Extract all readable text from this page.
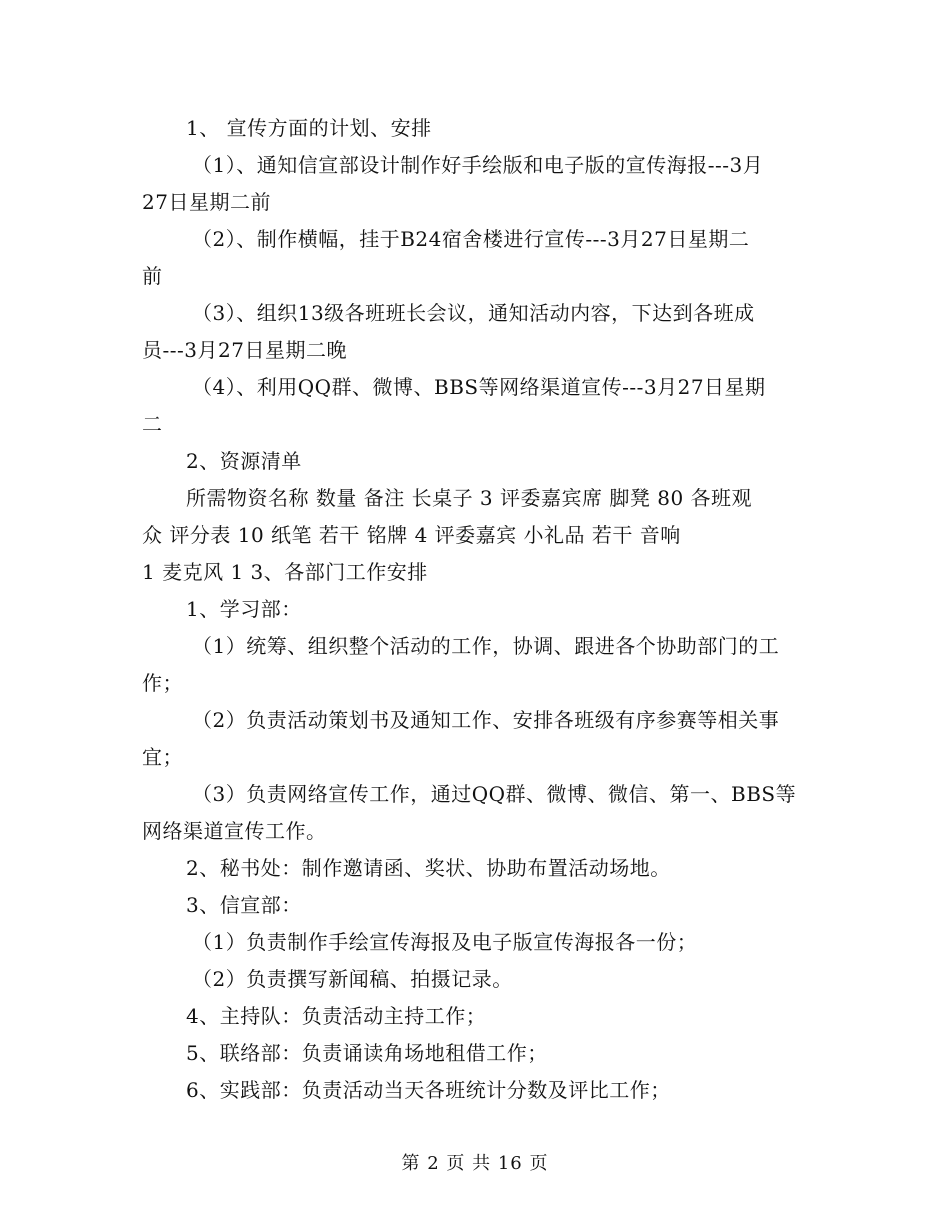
1、 宣传方面的计划、安排
（1）、通知信宣部设计制作好手绘版和电子版的宣传海报---3月
27日星期二前
（2）、制作横幅，挂于B24宿舍楼进行宣传---3月27日星期二
前
（3）、组织13级各班班长会议，通知活动内容，下达到各班成
员---3月27日星期二晚
（4）、利用QQ群、微博、BBS等网络渠道宣传---3月27日星期
二
2、资源清单
所需物资名称 数量 备注 长桌子 3 评委嘉宾席 脚凳 80 各班观
众 评分表 10 纸笔 若干 铭牌 4 评委嘉宾 小礼品 若干 音响
1 麦克风 1 3、各部门工作安排
1、学习部：
（1）统筹、组织整个活动的工作，协调、跟进各个协助部门的工
作；
（2）负责活动策划书及通知工作、安排各班级有序参赛等相关事
宜；
（3）负责网络宣传工作，通过QQ群、微博、微信、第一、BBS等
网络渠道宣传工作。
2、秘书处：制作邀请函、奖状、协助布置活动场地。
3、信宣部：
（1）负责制作手绘宣传海报及电子版宣传海报各一份；
（2）负责撰写新闻稿、拍摄记录。
4、主持队：负责活动主持工作；
5、联络部：负责诵读角场地租借工作；
6、实践部：负责活动当天各班统计分数及评比工作；
第 2 页 共 16 页
